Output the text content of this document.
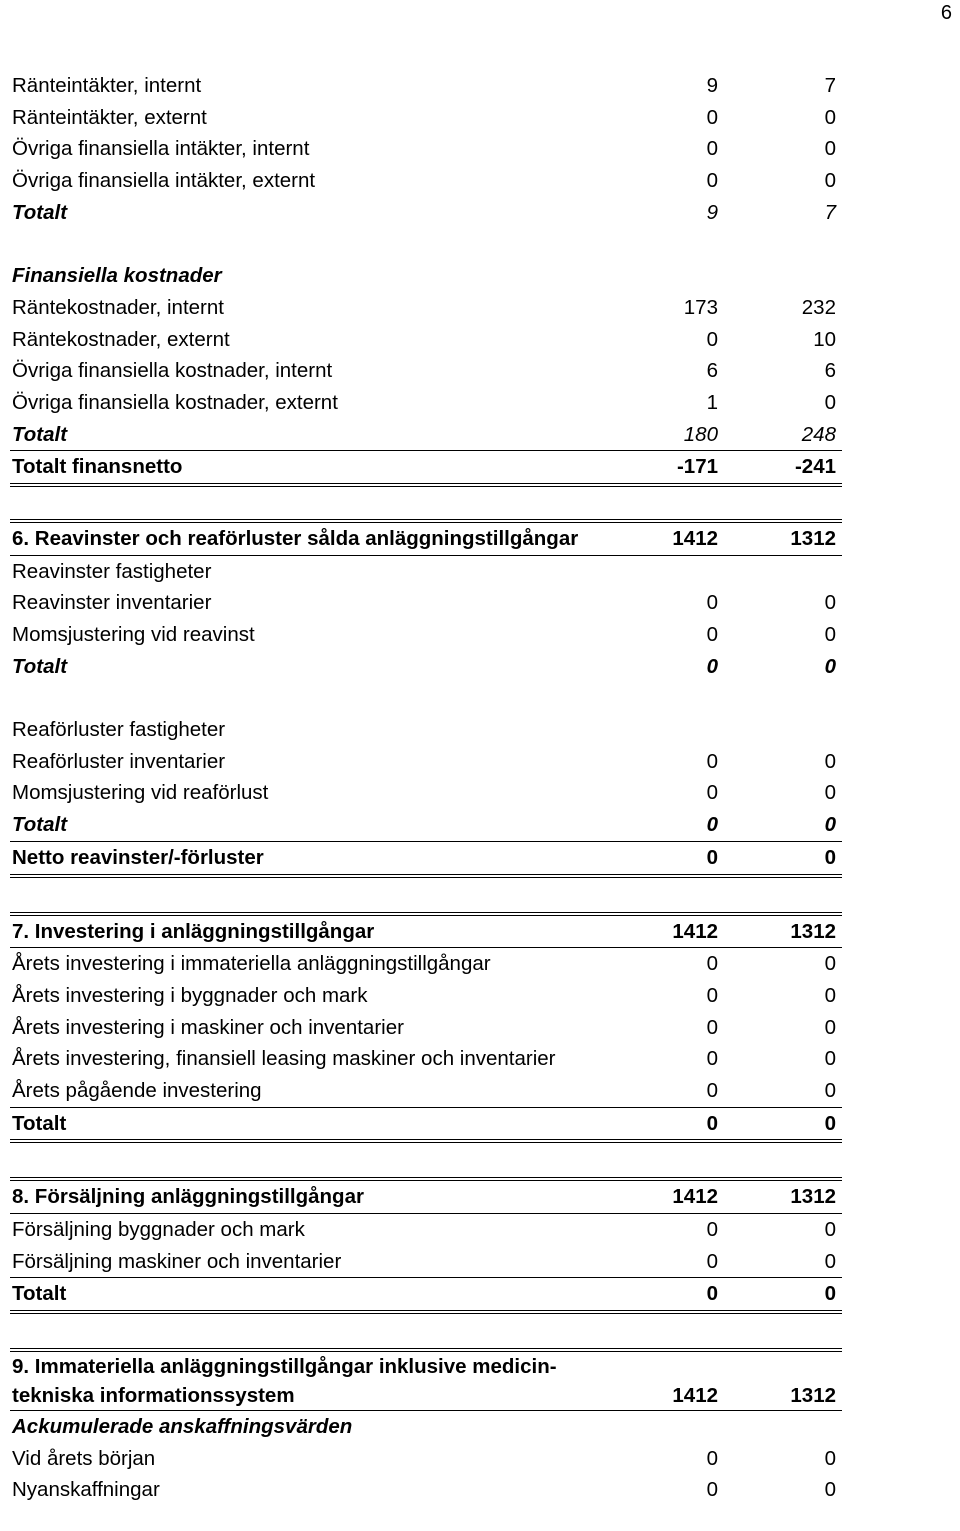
6
Ränteintäkter, internt	9	7
Ränteintäkter, externt	0	0
Övriga finansiella intäkter, internt	0	0
Övriga finansiella intäkter, externt	0	0
Totalt	9	7
Finansiella kostnader
Räntekostnader, internt	173	232
Räntekostnader, externt	0	10
Övriga finansiella kostnader, internt	6	6
Övriga finansiella kostnader, externt	1	0
Totalt	180	248
Totalt finansnetto	-171	-241
6. Reavinster och reaförluster sålda anläggningstillgångar	1412	1312
Reavinster fastigheter
Reavinster inventarier	0	0
Momsjustering vid reavinst	0	0
Totalt	0	0
Reaförluster fastigheter
Reaförluster inventarier	0	0
Momsjustering vid reaförlust	0	0
Totalt	0	0
Netto reavinster/-förluster	0	0
7. Investering i anläggningstillgångar	1412	1312
Årets investering i immateriella anläggningstillgångar	0	0
Årets investering i byggnader och mark	0	0
Årets investering i maskiner och inventarier	0	0
Årets investering, finansiell leasing maskiner och inventarier	0	0
Årets pågående investering	0	0
Totalt	0	0
8. Försäljning anläggningstillgångar	1412	1312
Försäljning byggnader och mark	0	0
Försäljning maskiner och inventarier	0	0
Totalt	0	0
9. Immateriella anläggningstillgångar inklusive medicin-
tekniska informationssystem	1412	1312
Ackumulerade anskaffningsvärden
Vid årets början	0	0
Nyanskaffningar	0	0
